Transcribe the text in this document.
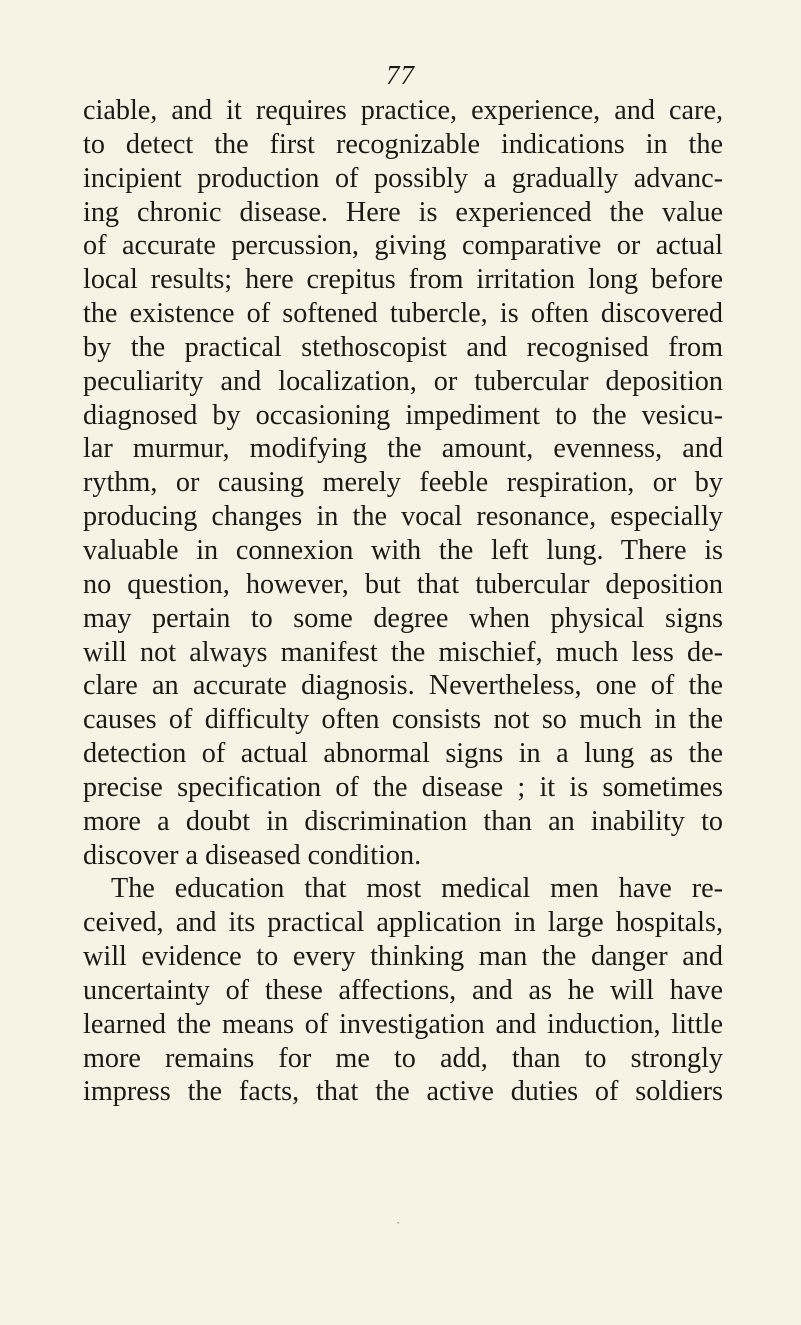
77
ciable, and it requires practice, experience, and care,
to detect the first recognizable indications in the
incipient production of possibly a gradually advanc-
ing chronic disease. Here is experienced the value
of accurate percussion, giving comparative or actual
local results; here crepitus from irritation long before
the existence of softened tubercle, is often discovered
by the practical stethoscopist and recognised from
peculiarity and localization, or tubercular deposition
diagnosed by occasioning impediment to the vesicu-
lar murmur, modifying the amount, evenness, and
rythm, or causing merely feeble respiration, or by
producing changes in the vocal resonance, especially
valuable in connexion with the left lung. There is
no question, however, but that tubercular deposition
may pertain to some degree when physical signs
will not always manifest the mischief, much less de-
clare an accurate diagnosis. Nevertheless, one of the
causes of difficulty often consists not so much in the
detection of actual abnormal signs in a lung as the
precise specification of the disease ; it is sometimes
more a doubt in discrimination than an inability to
discover a diseased condition.
The education that most medical men have re-
ceived, and its practical application in large hospitals,
will evidence to every thinking man the danger and
uncertainty of these affections, and as he will have
learned the means of investigation and induction, little
more remains for me to add, than to strongly
impress the facts, that the active duties of soldiers
⋅
